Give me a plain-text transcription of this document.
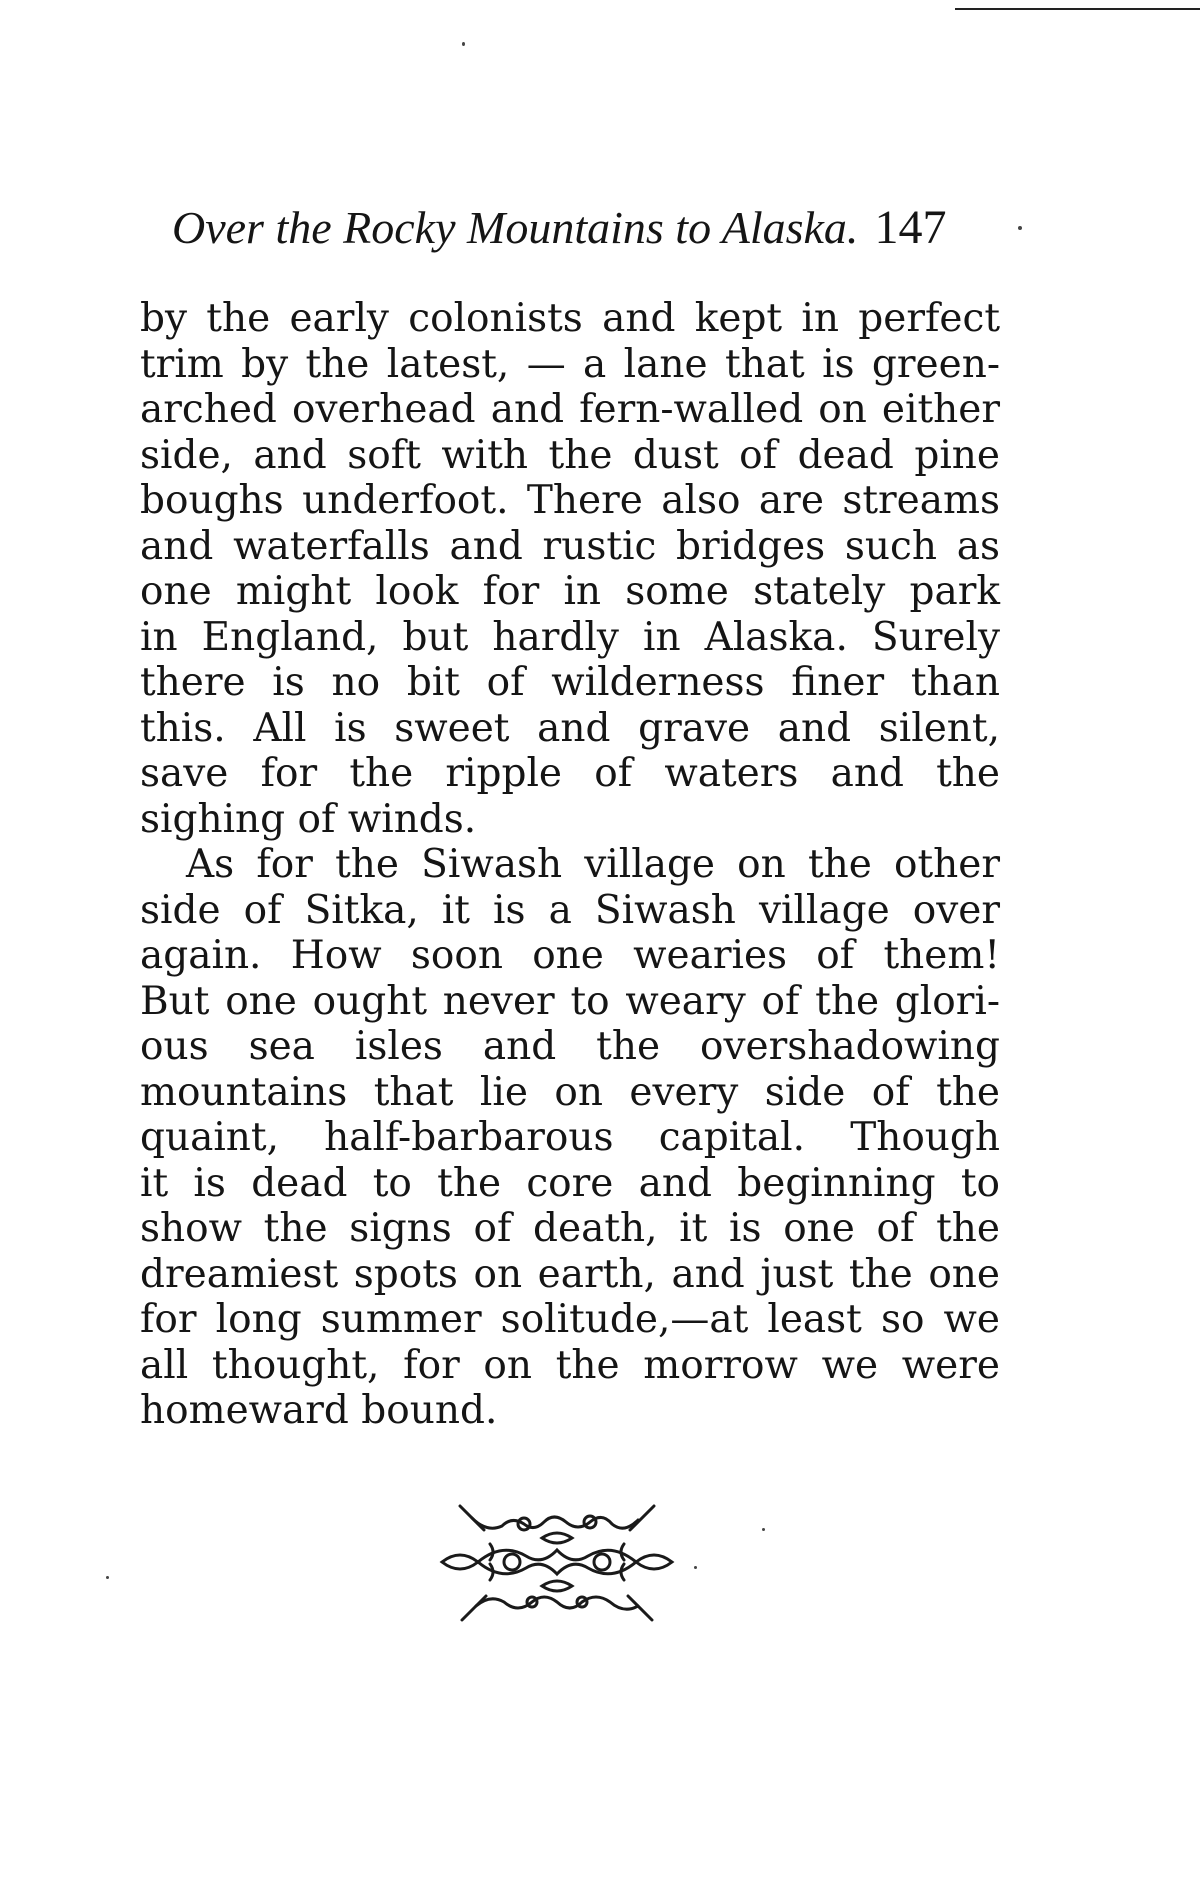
Over the Rocky Mountains to Alaska. 147

by the early colonists and kept in perfect
trim by the latest, — a lane that is green-
arched overhead and fern-walled on either
side, and soft with the dust of dead pine
boughs underfoot. There also are streams
and waterfalls and rustic bridges such as
one might look for in some stately park
in England, but hardly in Alaska. Surely
there is no bit of wilderness finer than
this. All is sweet and grave and silent,
save for the ripple of waters and the
sighing of winds.

As for the Siwash village on the other
side of Sitka, it is a Siwash village over
again. How soon one wearies of them!
But one ought never to weary of the glori-
ous sea isles and the overshadowing
mountains that lie on every side of the
quaint, half-barbarous capital. Though
it is dead to the core and beginning to
show the signs of death, it is one of the
dreamiest spots on earth, and just the one
for long summer solitude,—at least so we
all thought, for on the morrow we were
homeward bound.
